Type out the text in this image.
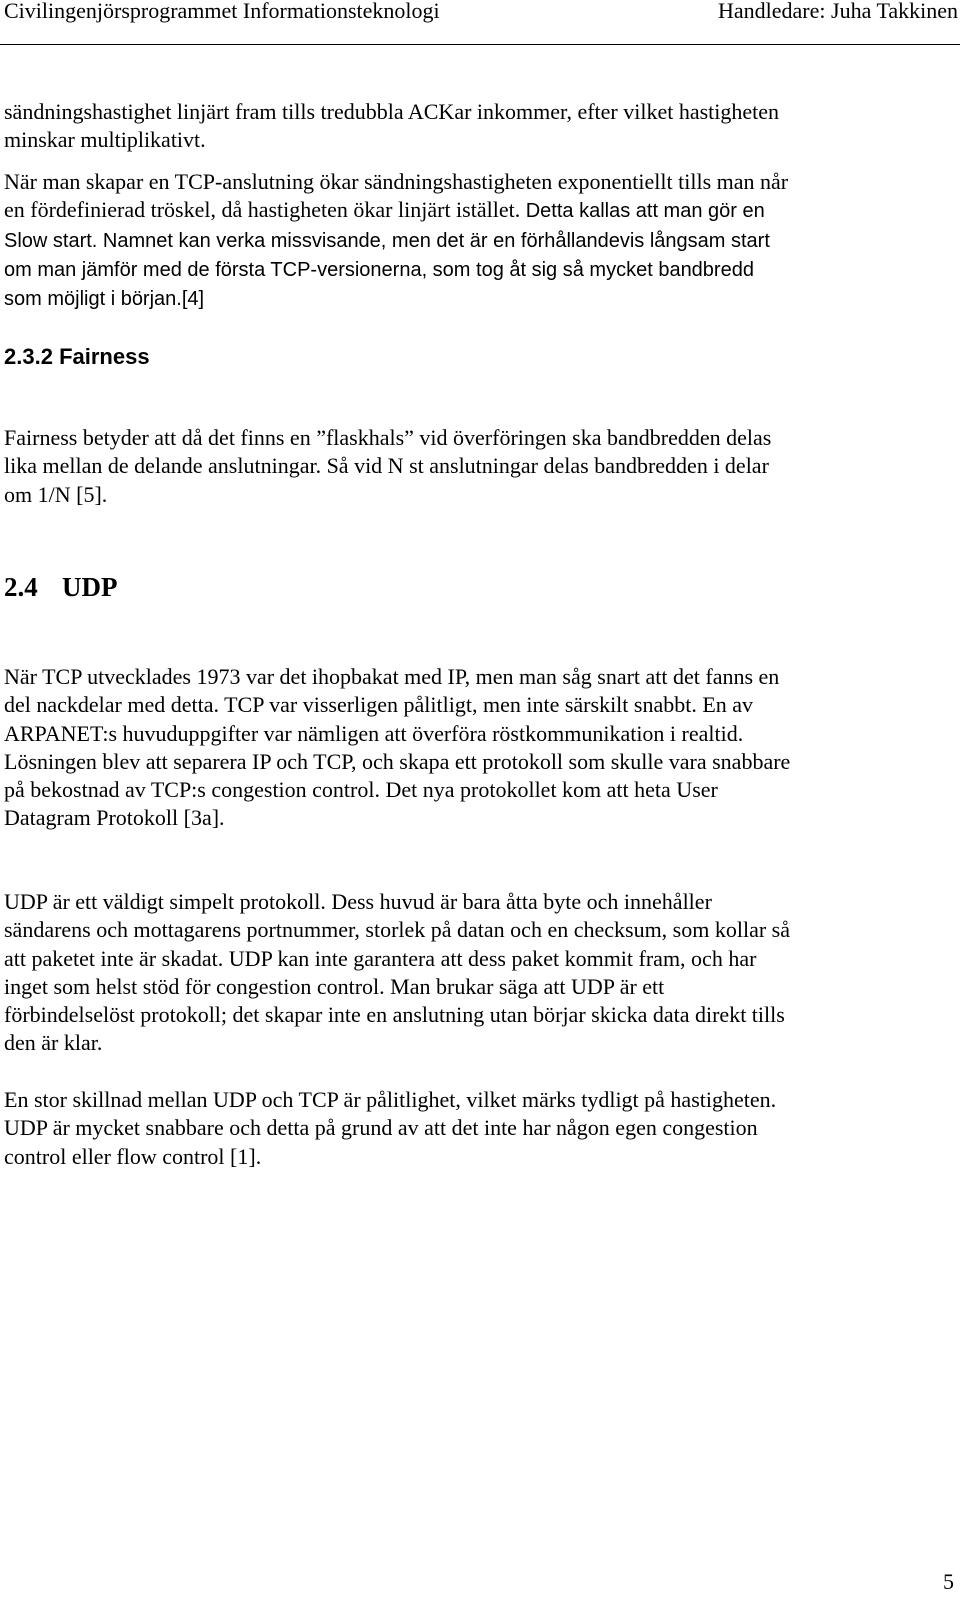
Civilingenjörsprogrammet Informationsteknologi	Handledare: Juha Takkinen

sändningshastighet linjärt fram tills tredubbla ACKar inkommer, efter vilket hastigheten minskar multiplikativt.

När man skapar en TCP-anslutning ökar sändningshastigheten exponentiellt tills man når en fördefinierad tröskel, då hastigheten ökar linjärt istället. Detta kallas att man gör en Slow start. Namnet kan verka missvisande, men det är en förhållandevis långsam start om man jämför med de första TCP-versionerna, som tog åt sig så mycket bandbredd som möjligt i början.[4]

2.3.2 Fairness

Fairness betyder att då det finns en ”flaskhals” vid överföringen ska bandbredden delas lika mellan de delande anslutningar. Så vid N st anslutningar delas bandbredden i delar om 1/N [5].

2.4 UDP

När TCP utvecklades 1973 var det ihopbakat med IP, men man såg snart att det fanns en del nackdelar med detta. TCP var visserligen pålitligt, men inte särskilt snabbt. En av ARPANET:s huvuduppgifter var nämligen att överföra röstkommunikation i realtid. Lösningen blev att separera IP och TCP, och skapa ett protokoll som skulle vara snabbare på bekostnad av TCP:s congestion control. Det nya protokollet kom att heta User Datagram Protokoll [3a].

UDP är ett väldigt simpelt protokoll. Dess huvud är bara åtta byte och innehåller sändarens och mottagarens portnummer, storlek på datan och en checksum, som kollar så att paketet inte är skadat. UDP kan inte garantera att dess paket kommit fram, och har inget som helst stöd för congestion control. Man brukar säga att UDP är ett förbindelselöst protokoll; det skapar inte en anslutning utan börjar skicka data direkt tills den är klar.

En stor skillnad mellan UDP och TCP är pålitlighet, vilket märks tydligt på hastigheten. UDP är mycket snabbare och detta på grund av att det inte har någon egen congestion control eller flow control [1].

5
